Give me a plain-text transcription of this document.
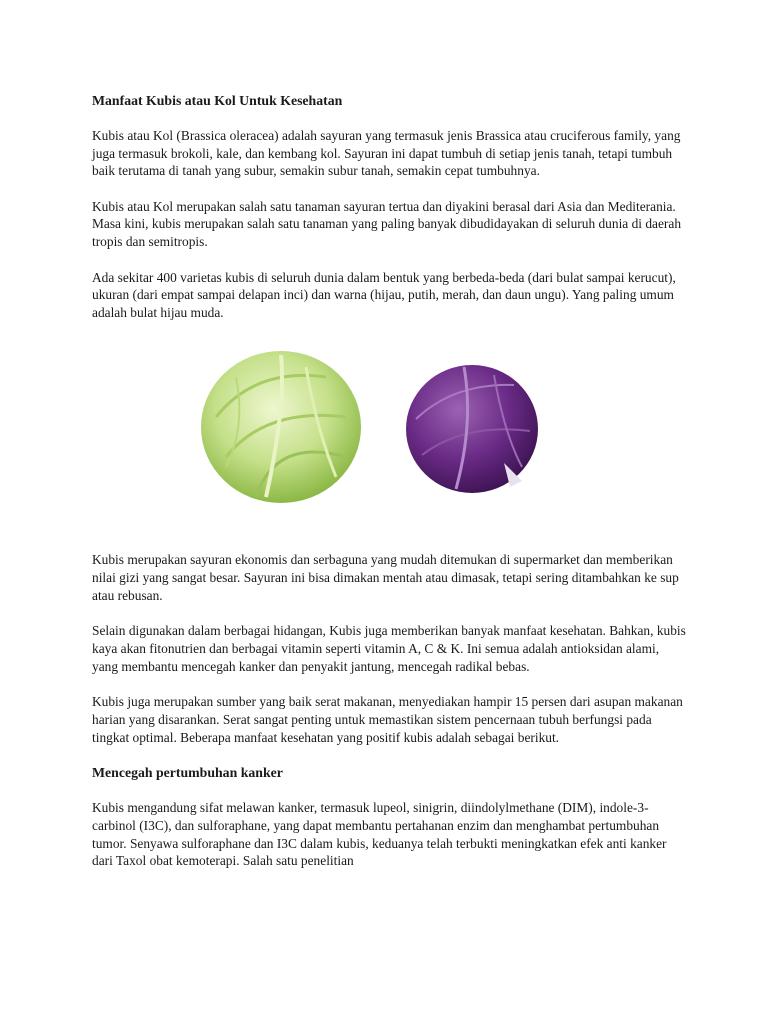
Manfaat Kubis atau Kol Untuk Kesehatan

Kubis atau Kol (Brassica oleracea) adalah sayuran yang termasuk jenis Brassica atau cruciferous family, yang juga termasuk brokoli, kale, dan kembang kol. Sayuran ini dapat tumbuh di setiap jenis tanah, tetapi tumbuh baik terutama di tanah yang subur, semakin subur tanah, semakin cepat tumbuhnya.

Kubis atau Kol merupakan salah satu tanaman sayuran tertua dan diyakini berasal dari Asia dan Mediterania. Masa kini, kubis merupakan salah satu tanaman yang paling banyak dibudidayakan di seluruh dunia di daerah tropis dan semitropis.

Ada sekitar 400 varietas kubis di seluruh dunia dalam bentuk yang berbeda-beda (dari bulat sampai kerucut), ukuran (dari empat sampai delapan inci) dan warna (hijau, putih, merah, dan daun ungu). Yang paling umum adalah bulat hijau muda.

Kubis merupakan sayuran ekonomis dan serbaguna yang mudah ditemukan di supermarket dan memberikan nilai gizi yang sangat besar. Sayuran ini bisa dimakan mentah atau dimasak, tetapi sering ditambahkan ke sup atau rebusan.

Selain digunakan dalam berbagai hidangan, Kubis juga memberikan banyak manfaat kesehatan. Bahkan, kubis kaya akan fitonutrien dan berbagai vitamin seperti vitamin A, C & K. Ini semua adalah antioksidan alami, yang membantu mencegah kanker dan penyakit jantung, mencegah radikal bebas.

Kubis juga merupakan sumber yang baik serat makanan, menyediakan hampir 15 persen dari asupan makanan harian yang disarankan. Serat sangat penting untuk memastikan sistem pencernaan tubuh berfungsi pada tingkat optimal. Beberapa manfaat kesehatan yang positif kubis adalah sebagai berikut.

Mencegah pertumbuhan kanker

Kubis mengandung sifat melawan kanker, termasuk lupeol, sinigrin, diindolylmethane (DIM), indole-3-carbinol (I3C), dan sulforaphane, yang dapat membantu pertahanan enzim dan menghambat pertumbuhan tumor. Senyawa sulforaphane dan I3C dalam kubis, keduanya telah terbukti meningkatkan efek anti kanker dari Taxol obat kemoterapi. Salah satu penelitian
